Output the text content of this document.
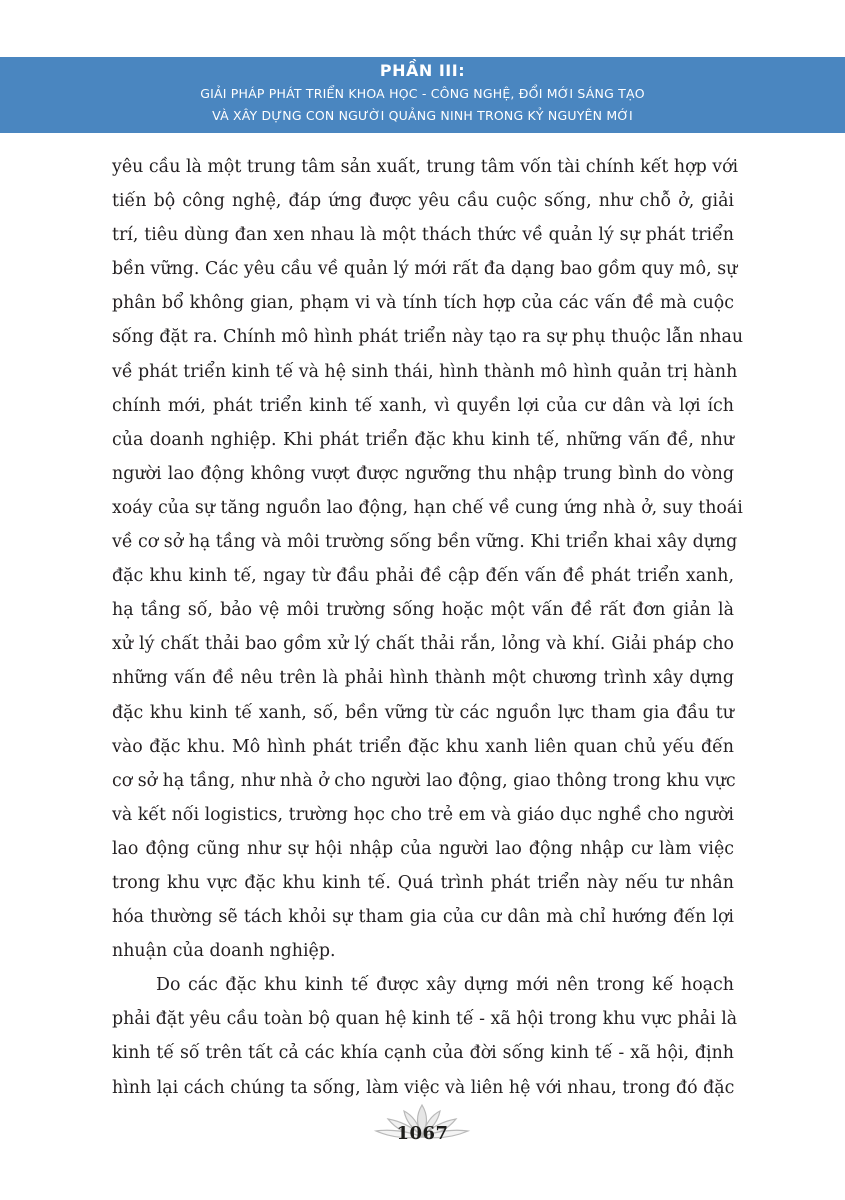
PHẦN III:
GIẢI PHÁP PHÁT TRIỂN KHOA HỌC - CÔNG NGHỆ, ĐỔI MỚI SÁNG TẠO
VÀ XÂY DỰNG CON NGƯỜI QUẢNG NINH TRONG KỶ NGUYÊN MỚI
yêu cầu là một trung tâm sản xuất, trung tâm vốn tài chính kết hợp với
tiến bộ công nghệ, đáp ứng được yêu cầu cuộc sống, như chỗ ở, giải
trí, tiêu dùng đan xen nhau là một thách thức về quản lý sự phát triển
bền vững. Các yêu cầu về quản lý mới rất đa dạng bao gồm quy mô, sự
phân bổ không gian, phạm vi và tính tích hợp của các vấn đề mà cuộc
sống đặt ra. Chính mô hình phát triển này tạo ra sự phụ thuộc lẫn nhau
về phát triển kinh tế và hệ sinh thái, hình thành mô hình quản trị hành
chính mới, phát triển kinh tế xanh, vì quyền lợi của cư dân và lợi ích
của doanh nghiệp. Khi phát triển đặc khu kinh tế, những vấn đề, như
người lao động không vượt được ngưỡng thu nhập trung bình do vòng
xoáy của sự tăng nguồn lao động, hạn chế về cung ứng nhà ở, suy thoái
về cơ sở hạ tầng và môi trường sống bền vững. Khi triển khai xây dựng
đặc khu kinh tế, ngay từ đầu phải đề cập đến vấn đề phát triển xanh,
hạ tầng số, bảo vệ môi trường sống hoặc một vấn đề rất đơn giản là
xử lý chất thải bao gồm xử lý chất thải rắn, lỏng và khí. Giải pháp cho
những vấn đề nêu trên là phải hình thành một chương trình xây dựng
đặc khu kinh tế xanh, số, bền vững từ các nguồn lực tham gia đầu tư
vào đặc khu. Mô hình phát triển đặc khu xanh liên quan chủ yếu đến
cơ sở hạ tầng, như nhà ở cho người lao động, giao thông trong khu vực
và kết nối logistics, trường học cho trẻ em và giáo dục nghề cho người
lao động cũng như sự hội nhập của người lao động nhập cư làm việc
trong khu vực đặc khu kinh tế. Quá trình phát triển này nếu tư nhân
hóa thường sẽ tách khỏi sự tham gia của cư dân mà chỉ hướng đến lợi
nhuận của doanh nghiệp.
Do các đặc khu kinh tế được xây dựng mới nên trong kế hoạch
phải đặt yêu cầu toàn bộ quan hệ kinh tế - xã hội trong khu vực phải là
kinh tế số trên tất cả các khía cạnh của đời sống kinh tế - xã hội, định
hình lại cách chúng ta sống, làm việc và liên hệ với nhau, trong đó đặc
1067
